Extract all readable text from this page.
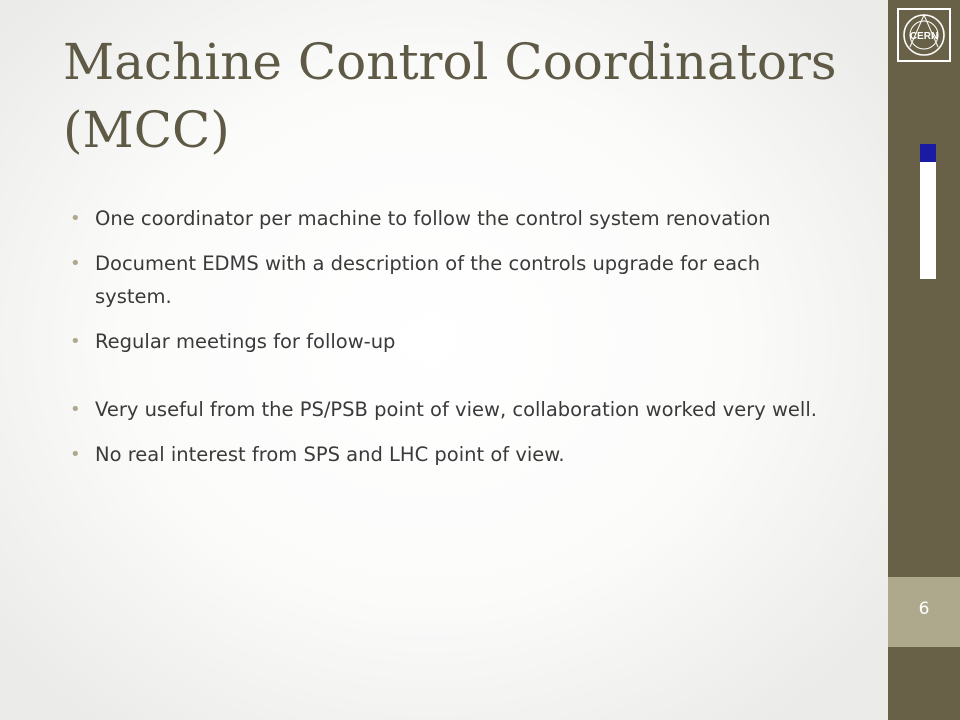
Machine Control Coordinators (MCC)
• One coordinator per machine to follow the control system renovation
• Document EDMS with a description of the controls upgrade for each system.
• Regular meetings for follow-up
• Very useful from the PS/PSB point of view, collaboration worked very well.
• No real interest from SPS and LHC point of view.
CERN
6
